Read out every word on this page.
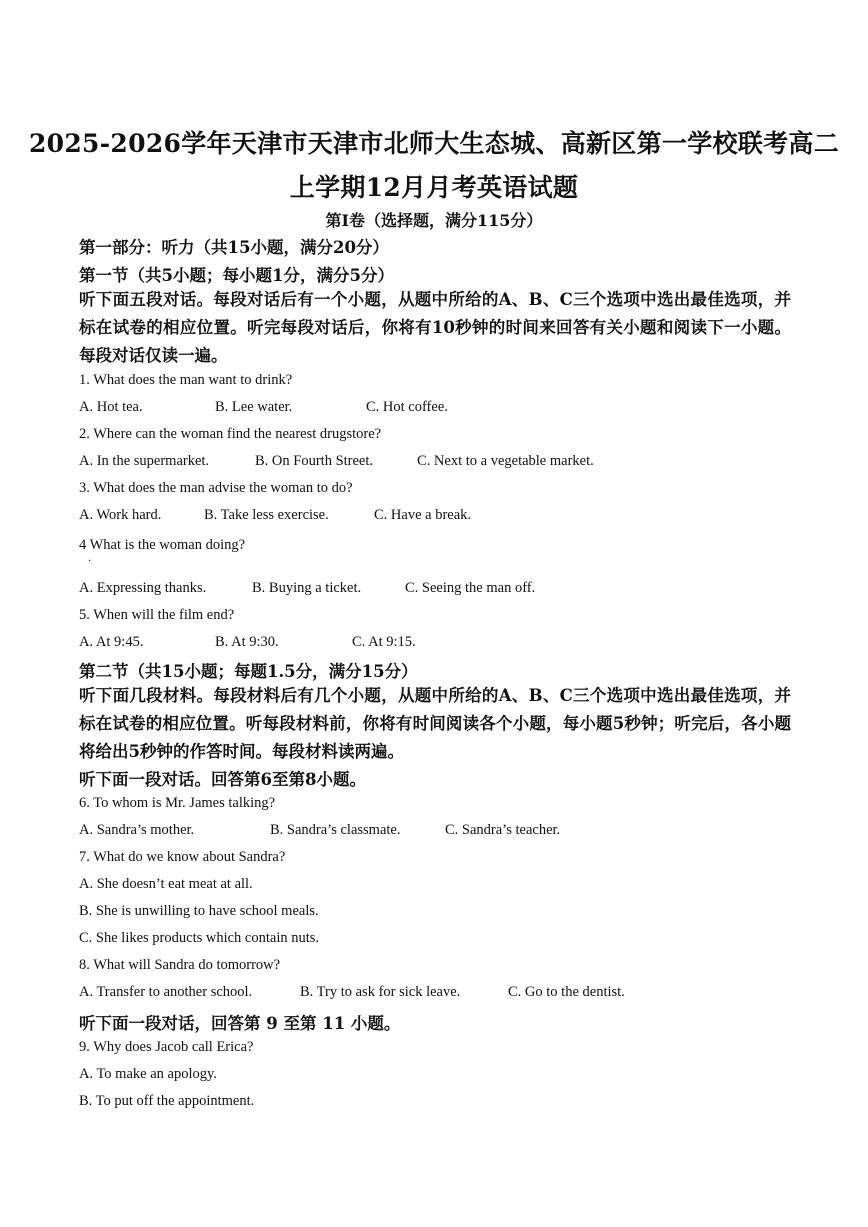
2025-2026学年天津市天津市北师大生态城、高新区第一学校联考高二
上学期12月月考英语试题
第Ⅰ卷（选择题，满分115分）
第一部分：听力（共15小题，满分20分）
第一节（共5小题；每小题1分，满分5分）
听下面五段对话。每段对话后有一个小题，从题中所给的A、B、C三个选项中选出最佳选项，并标在试卷的相应位置。听完每段对话后，你将有10秒钟的时间来回答有关小题和阅读下一小题。每段对话仅读一遍。
1. What does the man want to drink?
A. Hot tea.	B. Lee water.	C. Hot coffee.
2. Where can the woman find the nearest drugstore?
A. In the supermarket.	B. On Fourth Street.	C. Next to a vegetable market.
3. What does the man advise the woman to do?
A. Work hard.	B. Take less exercise.	C. Have a break.
4 What is the woman doing?
·
A. Expressing thanks.	B. Buying a ticket.	C. Seeing the man off.
5. When will the film end?
A. At 9:45.	B. At 9:30.	C. At 9:15.
第二节（共15小题；每题1.5分，满分15分）
听下面几段材料。每段材料后有几个小题，从题中所给的A、B、C三个选项中选出最佳选项，并标在试卷的相应位置。听每段材料前，你将有时间阅读各个小题，每小题5秒钟；听完后，各小题将给出5秒钟的作答时间。每段材料读两遍。
听下面一段对话。回答第6至第8小题。
6. To whom is Mr. James talking?
A. Sandra’s mother.	B. Sandra’s classmate.	C. Sandra’s teacher.
7. What do we know about Sandra?
A. She doesn’t eat meat at all.
B. She is unwilling to have school meals.
C. She likes products which contain nuts.
8. What will Sandra do tomorrow?
A. Transfer to another school.	B. Try to ask for sick leave.	C. Go to the dentist.
听下面一段对话，回答第 9 至第 11 小题。
9. Why does Jacob call Erica?
A. To make an apology.
B. To put off the appointment.
